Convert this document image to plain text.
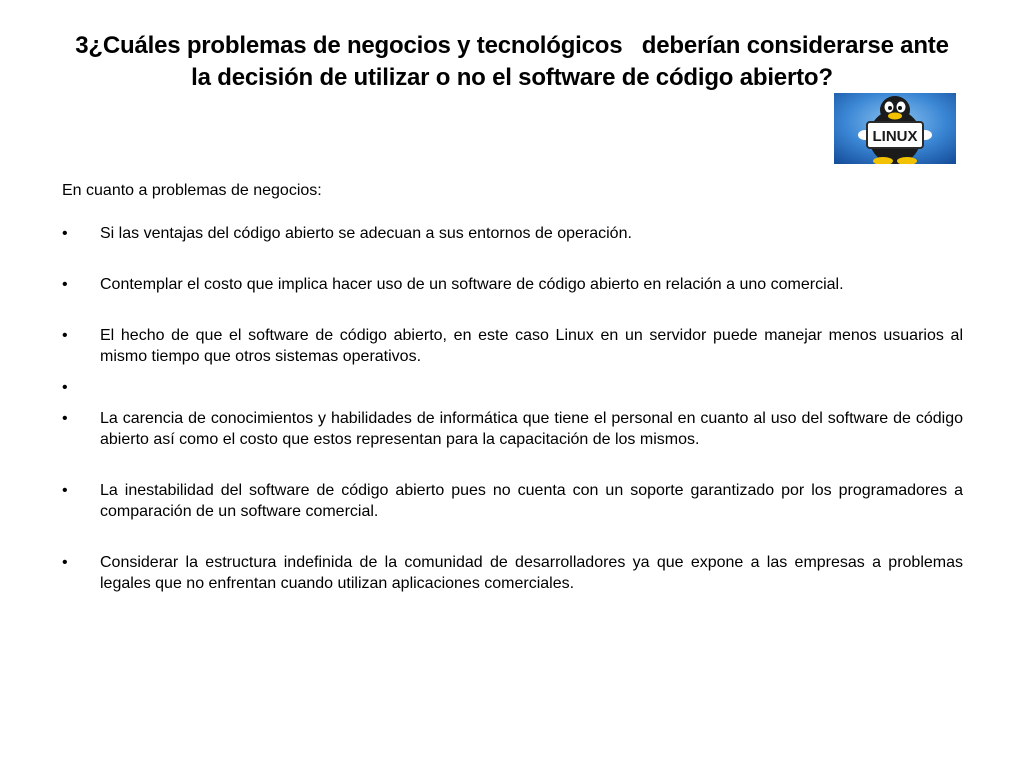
3¿Cuáles problemas de negocios y tecnológicos   deberían considerarse ante
la decisión de utilizar o no el software de código abierto?
LINUX

En cuanto a problemas de negocios:

• Si las ventajas del código abierto se adecuan a sus entornos de operación.
• Contemplar el costo que implica hacer uso de un software de código abierto en relación a uno comercial.
• El hecho de que el software de código abierto, en este caso Linux en un servidor puede manejar menos usuarios al mismo tiempo que otros sistemas operativos.
•
• La carencia de conocimientos y habilidades de informática que tiene el personal en cuanto al uso del software de código abierto así como el costo que estos representan para la capacitación de los mismos.
• La inestabilidad del software de código abierto pues no cuenta con un soporte garantizado por los programadores a comparación de un software comercial.
• Considerar la estructura indefinida de la comunidad de desarrolladores ya que expone a las empresas a problemas legales que no enfrentan cuando utilizan aplicaciones comerciales.
